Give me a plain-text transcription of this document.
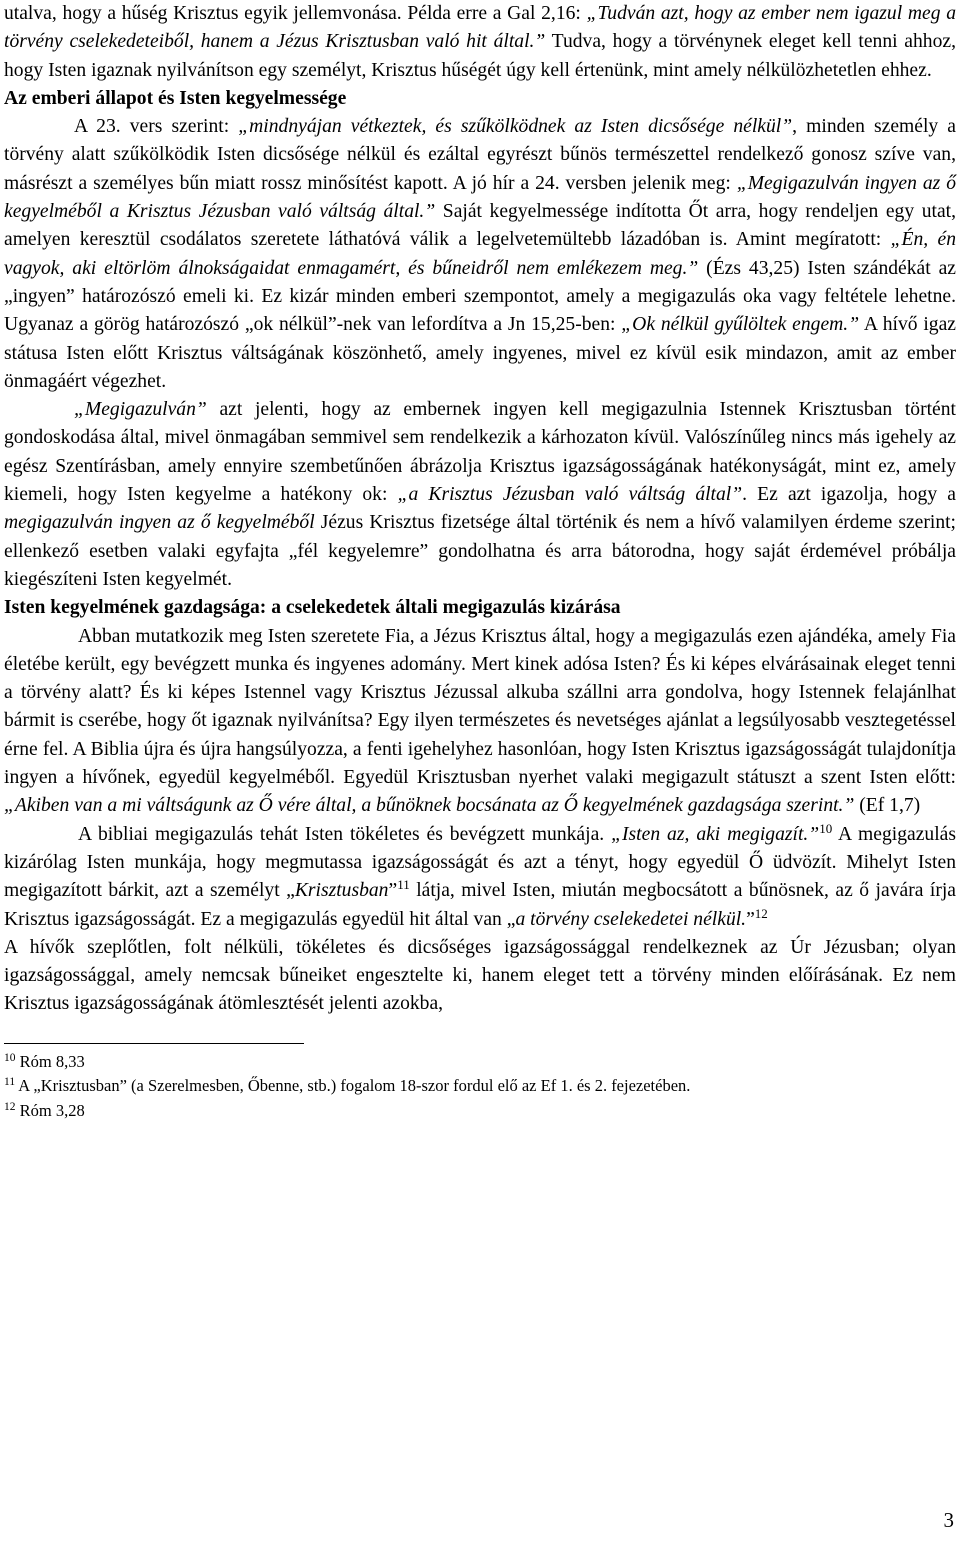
utalva, hogy a hűség Krisztus egyik jellemvonása. Példa erre a Gal 2,16: „Tudván azt, hogy az ember nem igazul meg a törvény cselekedeteiből, hanem a Jézus Krisztusban való hit által.” Tudva, hogy a törvénynek eleget kell tenni ahhoz, hogy Isten igaznak nyilvánítson egy személyt, Krisztus hűségét úgy kell értenünk, mint amely nélkülözhetetlen ehhez.

Az emberi állapot és Isten kegyelmessége

A 23. vers szerint: „mindnyájan vétkeztek, és szűkölködnek az Isten dicsősége nélkül”, minden személy a törvény alatt szűkölködik Isten dicsősége nélkül és ezáltal egyrészt bűnös természettel rendelkező gonosz szíve van, másrészt a személyes bűn miatt rossz minősítést kapott. A jó hír a 24. versben jelenik meg: „Megigazulván ingyen az ő kegyelméből a Krisztus Jézusban való váltság által.” Saját kegyelmessége indította Őt arra, hogy rendeljen egy utat, amelyen keresztül csodálatos szeretete láthatóvá válik a legelvetemültebb lázadóban is. Amint megíratott: „Én, én vagyok, aki eltörlöm álnokságaidat enmagamért, és bűneidről nem emlékezem meg.” (Ézs 43,25) Isten szándékát az „ingyen” határozószó emeli ki. Ez kizár minden emberi szempontot, amely a megigazulás oka vagy feltétele lehetne. Ugyanaz a görög határozószó „ok nélkül”-nek van lefordítva a Jn 15,25-ben: „Ok nélkül gyűlöltek engem.” A hívő igaz státusa Isten előtt Krisztus váltságának köszönhető, amely ingyenes, mivel ez kívül esik mindazon, amit az ember önmagáért végezhet.

„Megigazulván” azt jelenti, hogy az embernek ingyen kell megigazulnia Istennek Krisztusban történt gondoskodása által, mivel önmagában semmivel sem rendelkezik a kárhozaton kívül. Valószínűleg nincs más igehely az egész Szentírásban, amely ennyire szembetűnően ábrázolja Krisztus igazságosságának hatékonyságát, mint ez, amely kiemeli, hogy Isten kegyelme a hatékony ok: „a Krisztus Jézusban való váltság által”. Ez azt igazolja, hogy a megigazulván ingyen az ő kegyelméből Jézus Krisztus fizetsége által történik és nem a hívő valamilyen érdeme szerint; ellenkező esetben valaki egyfajta „fél kegyelemre” gondolhatna és arra bátorodna, hogy saját érdemével próbálja kiegészíteni Isten kegyelmét.

Isten kegyelmének gazdagsága: a cselekedetek általi megigazulás kizárása

Abban mutatkozik meg Isten szeretete Fia, a Jézus Krisztus által, hogy a megigazulás ezen ajándéka, amely Fia életébe került, egy bevégzett munka és ingyenes adomány. Mert kinek adósa Isten? És ki képes elvárásainak eleget tenni a törvény alatt? És ki képes Istennel vagy Krisztus Jézussal alkuba szállni arra gondolva, hogy Istennek felajánlhat bármit is cserébe, hogy őt igaznak nyilvánítsa? Egy ilyen természetes és nevetséges ajánlat a legsúlyosabb vesztegetéssel érne fel. A Biblia újra és újra hangsúlyozza, a fenti igehelyhez hasonlóan, hogy Isten Krisztus igazságosságát tulajdonítja ingyen a hívőnek, egyedül kegyelméből. Egyedül Krisztusban nyerhet valaki megigazult státuszt a szent Isten előtt: „Akiben van a mi váltságunk az Ő vére által, a bűnöknek bocsánata az Ő kegyelmének gazdagsága szerint.” (Ef 1,7)

A bibliai megigazulás tehát Isten tökéletes és bevégzett munkája. „Isten az, aki megigazít.”$^{10}$ A megigazulás kizárólag Isten munkája, hogy megmutassa igazságosságát és azt a tényt, hogy egyedül Ő üdvözít. Mihelyt Isten megigazított bárkit, azt a személyt „Krisztusban”$^{11}$ látja, mivel Isten, miután megbocsátott a bűnösnek, az ő javára írja Krisztus igazságosságát. Ez a megigazulás egyedül hit által van „a törvény cselekedetei nélkül.”$^{12}$

A hívők szeplőtlen, folt nélküli, tökéletes és dicsőséges igazságossággal rendelkeznek az Úr Jézusban; olyan igazságossággal, amely nemcsak bűneiket engesztelte ki, hanem eleget tett a törvény minden előírásának. Ez nem Krisztus igazságosságának átömlesztését jelenti azokba,

$^{10}$ Róm 8,33
$^{11}$ A „Krisztusban” (a Szerelmesben, Őbenne, stb.) fogalom 18-szor fordul elő az Ef 1. és 2. fejezetében.
$^{12}$ Róm 3,28
3
